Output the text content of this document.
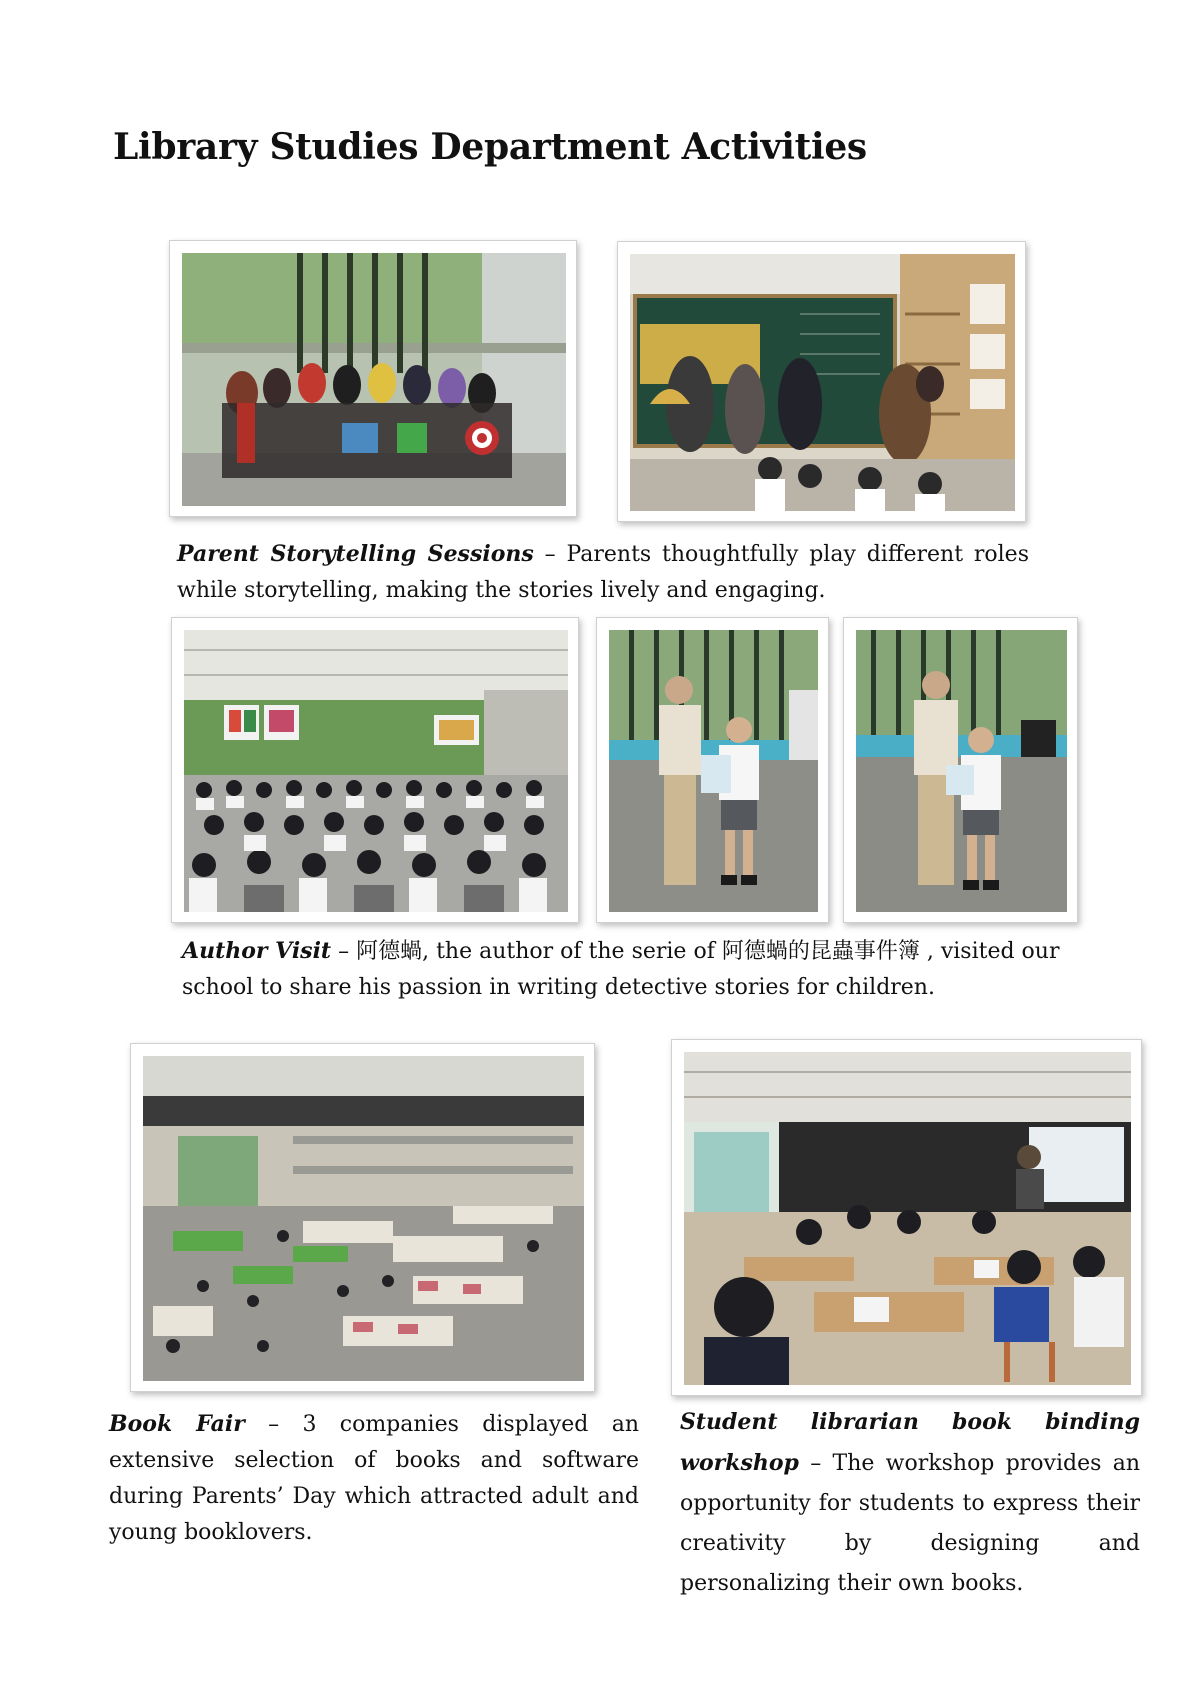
Library Studies Department Activities

Parent Storytelling Sessions – Parents thoughtfully play different roles while storytelling, making the stories lively and engaging.

Author Visit – 阿德蝸, the author of the serie of 阿德蝸的昆蟲事件簿 , visited our school to share his passion in writing detective stories for children.

Book Fair – 3 companies displayed an extensive selection of books and software during Parents’ Day which attracted adult and young booklovers.

Student librarian book binding workshop – The workshop provides an opportunity for students to express their creativity by designing and personalizing their own books.
